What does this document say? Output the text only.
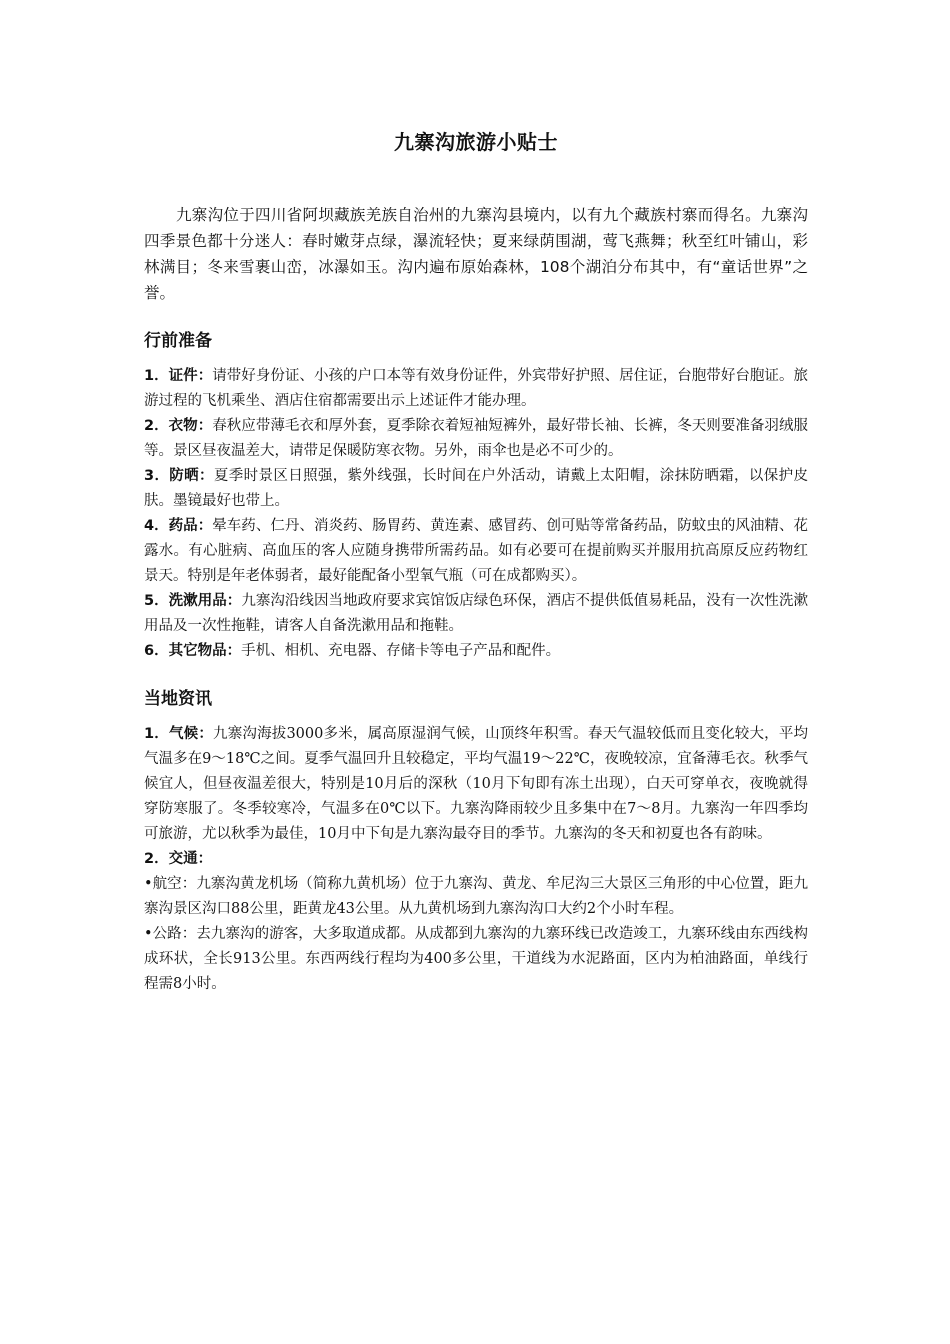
九寨沟旅游小贴士

九寨沟位于四川省阿坝藏族羌族自治州的九寨沟县境内，以有九个藏族村寨而得名。九寨沟四季景色都十分迷人：春时嫩芽点绿，瀑流轻快；夏来绿荫围湖，莺飞燕舞；秋至红叶铺山，彩林满目；冬来雪裹山峦，冰瀑如玉。沟内遍布原始森林，108个湖泊分布其中，有“童话世界”之誉。

行前准备

1．证件：请带好身份证、小孩的户口本等有效身份证件，外宾带好护照、居住证，台胞带好台胞证。旅游过程的飞机乘坐、酒店住宿都需要出示上述证件才能办理。

2．衣物：春秋应带薄毛衣和厚外套，夏季除衣着短袖短裤外，最好带长袖、长裤，冬天则要准备羽绒服等。景区昼夜温差大，请带足保暖防寒衣物。另外，雨伞也是必不可少的。

3．防晒：夏季时景区日照强，紫外线强，长时间在户外活动，请戴上太阳帽，涂抹防晒霜，以保护皮肤。墨镜最好也带上。

4．药品：晕车药、仁丹、消炎药、肠胃药、黄连素、感冒药、创可贴等常备药品，防蚊虫的风油精、花露水。有心脏病、高血压的客人应随身携带所需药品。如有必要可在提前购买并服用抗高原反应药物红景天。特别是年老体弱者，最好能配备小型氧气瓶（可在成都购买）。

5．洗漱用品：九寨沟沿线因当地政府要求宾馆饭店绿色环保，酒店不提供低值易耗品，没有一次性洗漱用品及一次性拖鞋，请客人自备洗漱用品和拖鞋。

6．其它物品：手机、相机、充电器、存储卡等电子产品和配件。

当地资讯

1．气候：九寨沟海拔3000多米，属高原湿润气候，山顶终年积雪。春天气温较低而且变化较大，平均气温多在9～18℃之间。夏季气温回升且较稳定，平均气温19～22℃，夜晚较凉，宜备薄毛衣。秋季气候宜人，但昼夜温差很大，特别是10月后的深秋（10月下旬即有冻土出现），白天可穿单衣，夜晚就得穿防寒服了。冬季较寒冷，气温多在0℃以下。九寨沟降雨较少且多集中在7～8月。九寨沟一年四季均可旅游，尤以秋季为最佳，10月中下旬是九寨沟最夺目的季节。九寨沟的冬天和初夏也各有韵味。

2．交通：

•航空：九寨沟黄龙机场（简称九黄机场）位于九寨沟、黄龙、牟尼沟三大景区三角形的中心位置，距九寨沟景区沟口88公里，距黄龙43公里。从九黄机场到九寨沟沟口大约2个小时车程。

•公路：去九寨沟的游客，大多取道成都。从成都到九寨沟的九寨环线已改造竣工，九寨环线由东西线构成环状，全长913公里。东西两线行程均为400多公里，干道线为水泥路面，区内为柏油路面，单线行程需8小时。
